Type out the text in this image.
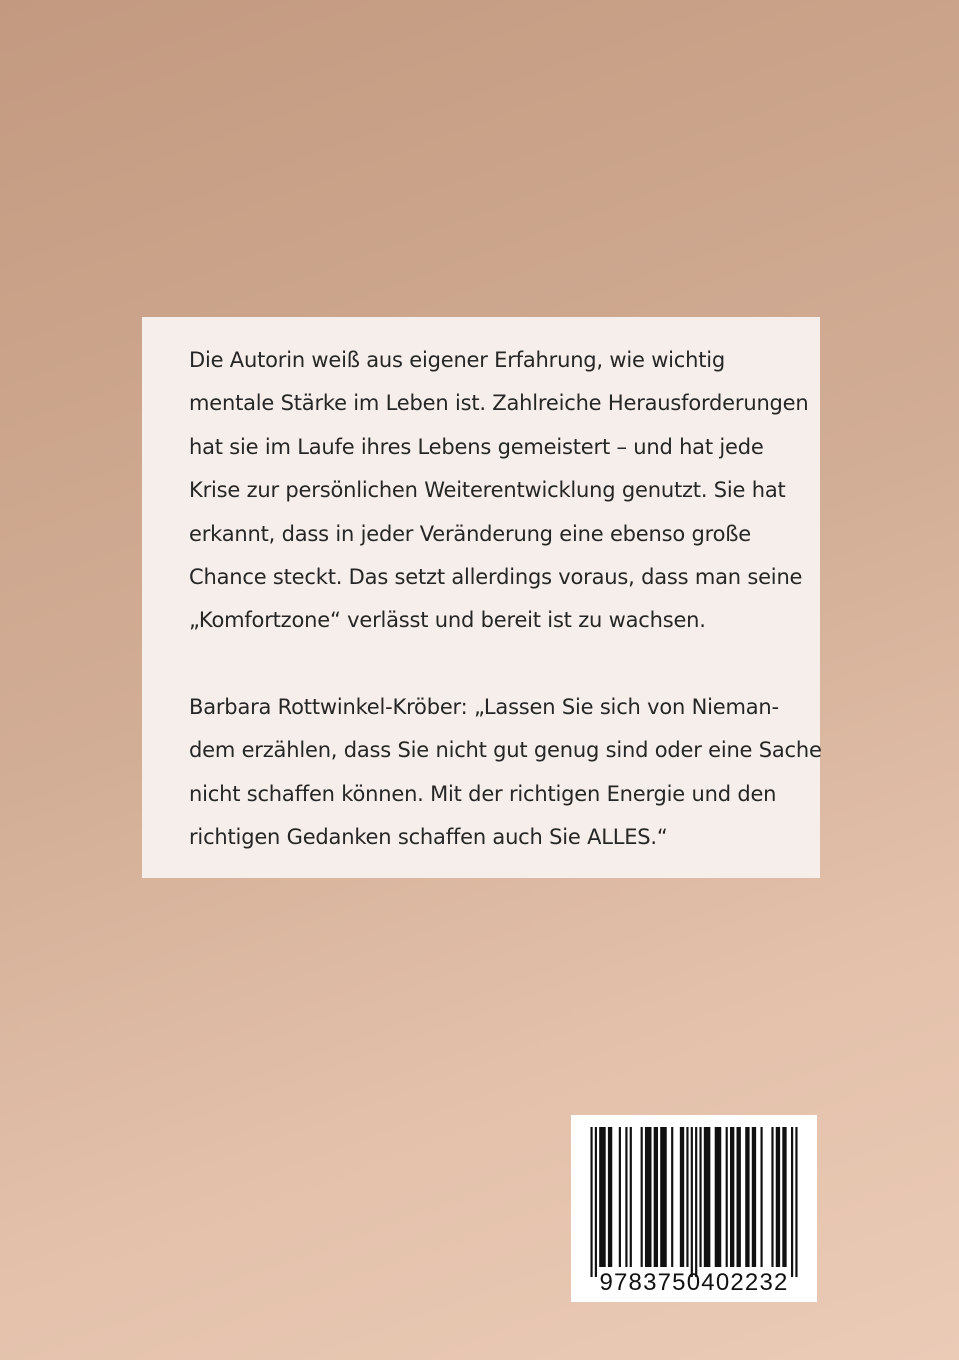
Die Autorin weiß aus eigener Erfahrung, wie wichtig
mentale Stärke im Leben ist. Zahlreiche Herausforderungen
hat sie im Laufe ihres Lebens gemeistert – und hat jede
Krise zur persönlichen Weiterentwicklung genutzt. Sie hat
erkannt, dass in jeder Veränderung eine ebenso große
Chance steckt. Das setzt allerdings voraus, dass man seine
„Komfortzone“ verlässt und bereit ist zu wachsen.

Barbara Rottwinkel-Kröber: „Lassen Sie sich von Nieman-
dem erzählen, dass Sie nicht gut genug sind oder eine Sache
nicht schaffen können. Mit der richtigen Energie und den
richtigen Gedanken schaffen auch Sie ALLES.“

9783750402232
